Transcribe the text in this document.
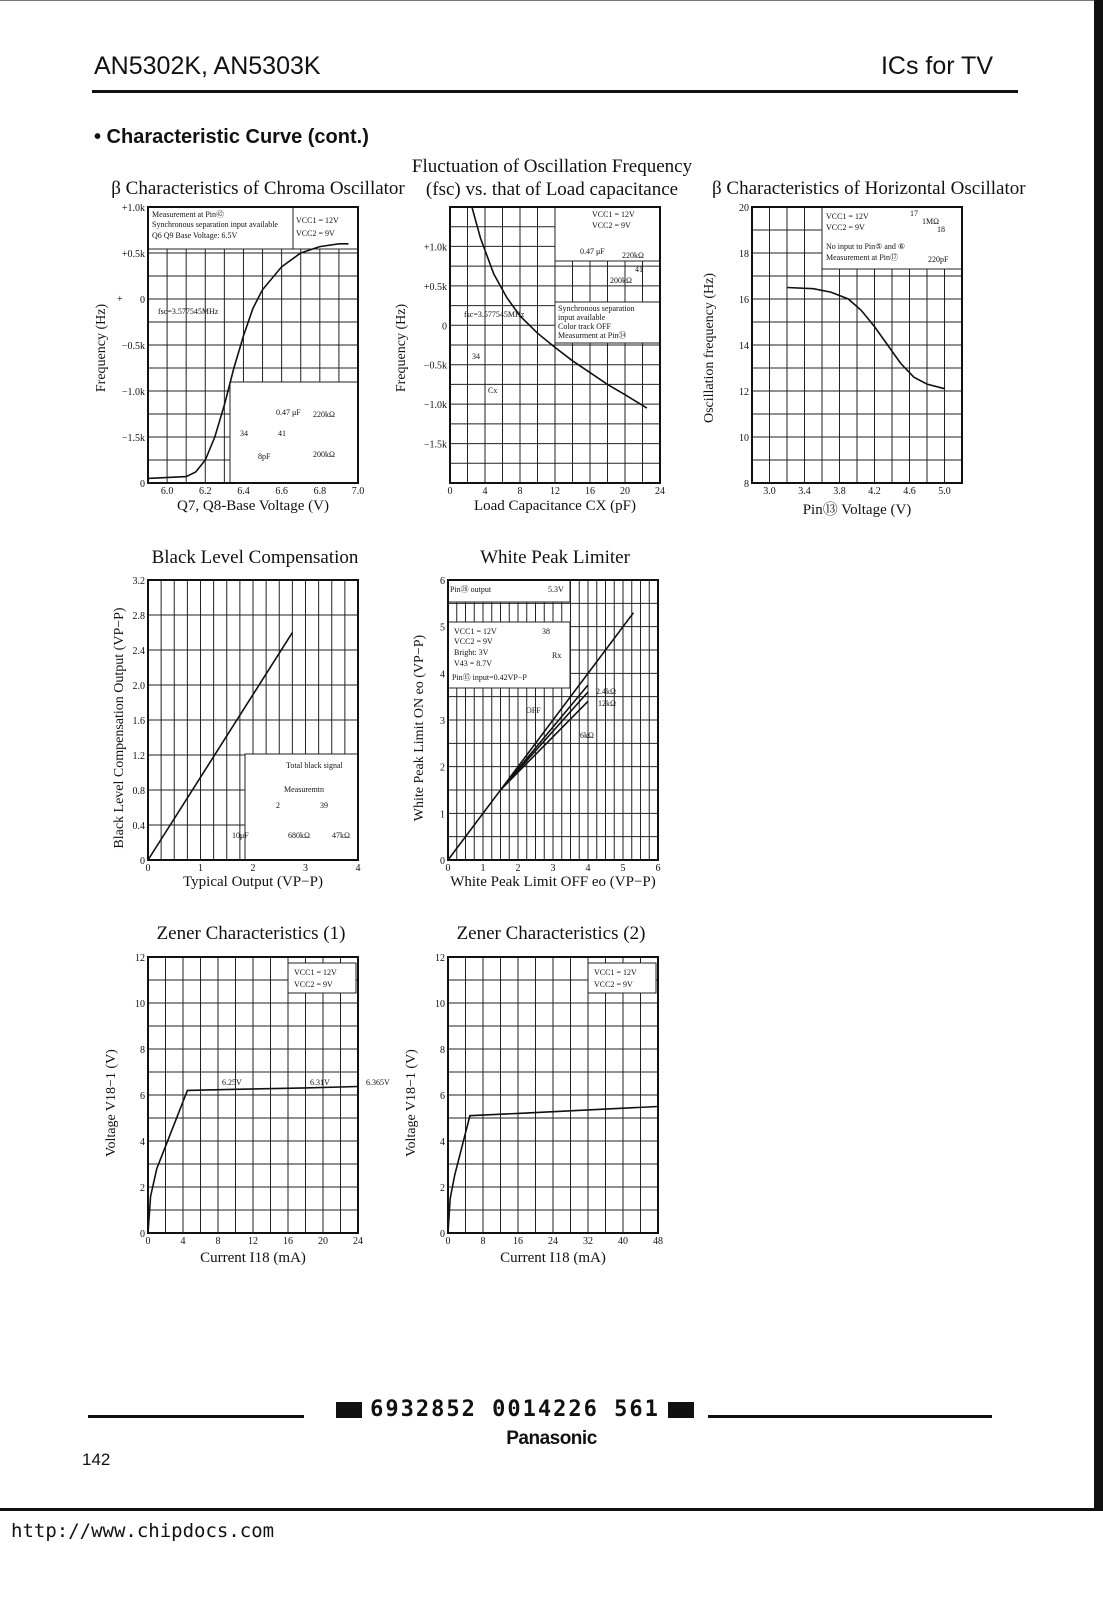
AN5302K, AN5303K	ICs for TV
• Characteristic Curve (cont.)
β Characteristics of Chroma Oscillator
6.0	6.2	6.4	6.6	6.8	7.0
+1.0k
+0.5k
0
−0.5k
−1.0k
−1.5k
0
Measurement at Pin㊷
Synchronous separation input available
Q6 Q9 Base Voltage: 6.5V
VCC1 = 12V
VCC2 = 9V
fsc=3.577545MHz
0.47 μF 220kΩ
200kΩ
8pF
34	41
+
Q7, Q8-Base Voltage (V)
Frequency (Hz)
Fluctuation of Oscillation Frequency
(fsc) vs. that of Load capacitance
0	4	8	12	16	20	24
+1.0k
+0.5k
0
−0.5k
−1.0k
−1.5k
VCC1 = 12V
VCC2 = 9V
0.47 μF 220kΩ
200kΩ
41
fsc=3.577545MHz
Synchronous separation
input available
Color track OFF
Measurment at Pin㉞
34
Cx
Load Capacitance CX (pF)
Frequency (Hz)
β Characteristics of Horizontal Oscillator
3.0 3.4 3.8 4.2 4.6 5.0
8
10
12
14
16
18
20
VCC1 = 12V
VCC2 = 9V
No input to Pin⑤ and ⑥
Measurement at Pin⑰
1MΩ
17
18
220pF
Pin⑬ Voltage (V)
Oscillation frequency (Hz)
Black Level Compensation
0	1	2	3	4
0
0.4
0.8
1.2
1.6
2.0
2.4
2.8
3.2
Total black signal
Measuremtn
2	39
10μF	680kΩ	47kΩ
Typical Output (VP−P)
Black Level Compensation Output (VP−P)
White Peak Limiter
0	1	2	3	4	5	6
0
1
2
3
4
5
6
Pin㉘ output	5.3V
VCC1 = 12V
VCC2 = 9V
Bright: 3V
V43 = 8.7V
Pin⑮ input=0.42VP−P
38
Rx
OFF
2.4kΩ
12kΩ
6kΩ
White Peak Limit OFF eo (VP−P)
White Peak Limit ON eo (VP−P)
Zener Characteristics (1)
0	4	8	12	16	20	24
0
2
4
6
8
10
12
VCC1 = 12V
VCC2 = 9V
6.25V	6.31V	6.365V
Current I18 (mA)
Voltage V18−1 (V)
Zener Characteristics (2)
0	8	16	24	32	40	48
0
2
4
6
8
10
12
VCC1 = 12V
VCC2 = 9V
Current I18 (mA)
Voltage V18−1 (V)
6932852 0014226 561
Panasonic
142
http://www.chipdocs.com
